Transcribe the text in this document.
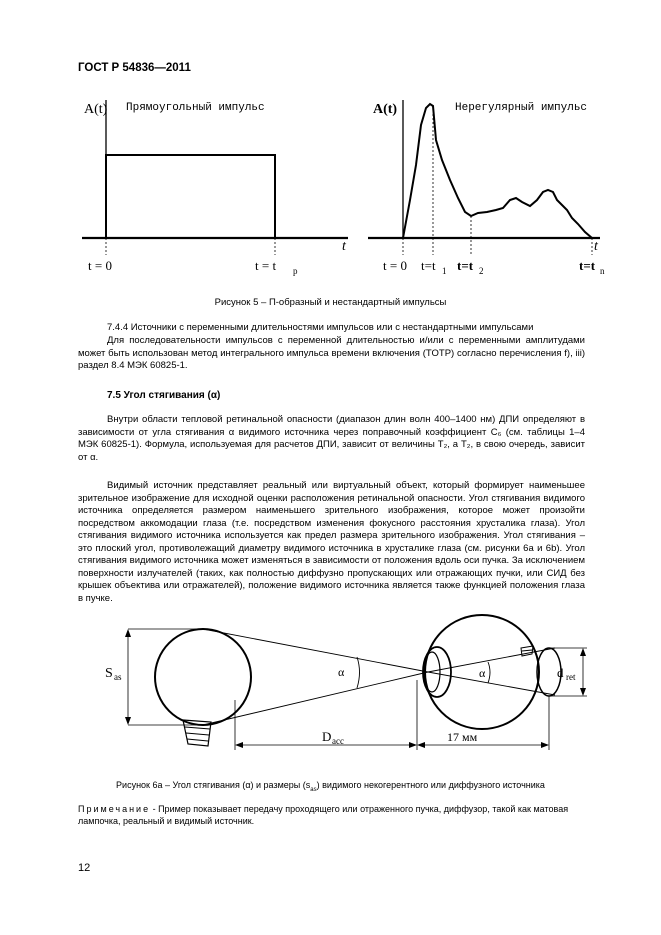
ГОСТ Р 54836—2011
A(t) Прямоугольный импульс
t
t = 0	t = t p
A(t)	Нерегулярный импульс
t
t = 0 t=t 1 t=t 2	t=t n
S as	α	α
D acc	17 мм
d ret
Рисунок 5 – П-образный и нестандартный импульсы
7.4.4 Источники с переменными длительностями импульсов или с нестандартными импульсами
Для последовательности импульсов с переменной длительностью и/или с переменными амплитудами может быть использован метод интегрального импульса времени включения (TOTP) согласно перечисления f), iii) раздел 8.4 МЭК 60825-1.
7.5 Угол стягивания (α)
Внутри области тепловой ретинальной опасности (диапазон длин волн 400–1400 нм) ДПИ определяют в зависимости от угла стягивания α видимого источника через поправочный коэффициент C₆ (см. таблицы 1–4 МЭК 60825-1). Формула, используемая для расчетов ДПИ, зависит от величины T₂, а T₂, в свою очередь, зависит от α.
Видимый источник представляет реальный или виртуальный объект, который формирует наименьшее зрительное изображение для исходной оценки расположения ретинальной опасности. Угол стягивания видимого источника определяется размером наименьшего зрительного изображения, которое может произойти посредством аккомодации глаза (т.е. посредством изменения фокусного расстояния хрусталика глаза). Угол стягивания видимого источника используется как предел размера зрительного изображения. Угол стягивания – это плоский угол, противолежащий диаметру видимого источника в хрусталике глаза (см. рисунки 6a и 6b). Угол стягивания видимого источника может изменяться в зависимости от положения вдоль оси пучка. За исключением поверхности излучателей (таких, как полностью диффузно пропускающих или отражающих пучки, или СИД без крышек объектива или отражателей), положение видимого источника является также функцией положения глаза в пучке.
Рисунок 6a – Угол стягивания (α) и размеры $(s_{as})$ видимого некогерентного или диффузного источника
Примечание - Пример показывает передачу проходящего или отраженного пучка, диффузор, такой как матовая лампочка, реальный и видимый источник.
12
